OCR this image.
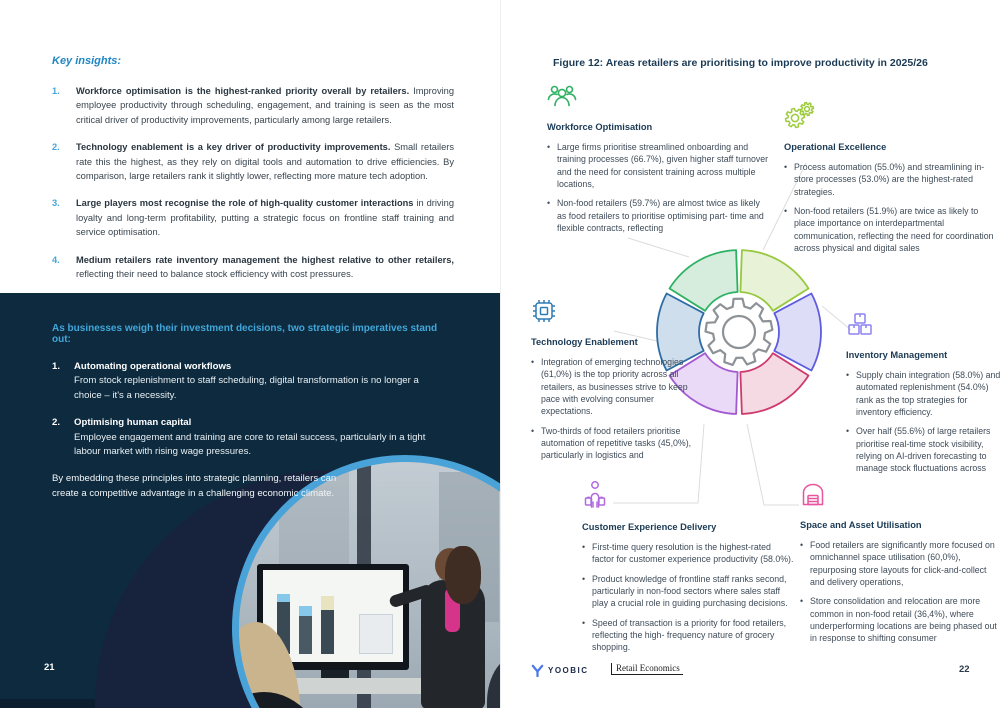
Key insights:
1.	Workforce optimisation is the highest-ranked priority overall by retailers. Improving employee productivity through scheduling, engagement, and training is seen as the most critical driver of productivity improvements, particularly among large retailers.
2.	Technology enablement is a key driver of productivity improvements. Small retailers rate this the highest, as they rely on digital tools and automation to drive efficiencies. By comparison, large retailers rank it slightly lower, reflecting more mature tech adoption.
3.	Large players most recognise the role of high-quality customer interactions in driving loyalty and long-term profitability, putting a strategic focus on frontline staff training and service optimisation.
4.	Medium retailers rate inventory management the highest relative to other retailers, reflecting their need to balance stock efficiency with cost pressures.

As businesses weigh their investment decisions, two strategic imperatives stand out:

1.	Automating operational workflows
From stock replenishment to staff scheduling, digital transformation is no longer a choice – it's a necessity.
2.	Optimising human capital
Employee engagement and training are core to retail success, particularly in a tight labour market with rising wage pressures.

By embedding these principles into strategic planning, retailers can create a competitive advantage in a challenging economic climate.

21
Figure 12: Areas retailers are prioritising to improve productivity in 2025/26
Workforce Optimisation
• Large firms prioritise streamlined onboarding and training processes (66.7%), given higher staff turnover and the need for consistent training across multiple locations,
• Non-food retailers (59.7%) are almost twice as likely as food retailers to prioritise optimising part- time and flexible contracts, reflecting
Operational Excellence
• Process automation (55.0%) and streamlining in-store processes (53.0%) are the highest-rated strategies.
• Non-food retailers (51.9%) are twice as likely to place importance on interdepartmental communication, reflecting the need for coordination across physical and digital sales
Technology Enablement
• Integration of emerging technologies (61,0%) is the top priority across all retailers, as businesses strive to keep pace with evolving consumer expectations.
• Two-thirds of food retailers prioritise automation of repetitive tasks (45,0%), particularly in logistics and
Inventory Management
• Supply chain integration (58.0%) and automated replenishment (54.0%) rank as the top strategies for inventory efficiency.
• Over half (55.6%) of large retailers prioritise real-time stock visibility, relying on AI-driven forecasting to manage stock fluctuations across
Customer Experience Delivery
• First-time query resolution is the highest-rated factor for customer experience productivity (58.0%).
• Product knowledge of frontline staff ranks second, particularly in non-food sectors where sales staff play a crucial role in guiding purchasing decisions.
• Speed of transaction is a priority for food retailers, reflecting the high- frequency nature of grocery shopping.
Space and Asset Utilisation
• Food retailers are significantly more focused on omnichannel space utilisation (60,0%), repurposing store layouts for click-and-collect and delivery operations,
• Store consolidation and relocation are more common in non-food retail (36,4%), where underperforming locations are being phased out in response to shifting consumer
YOOBIC	Retail Economics	22
